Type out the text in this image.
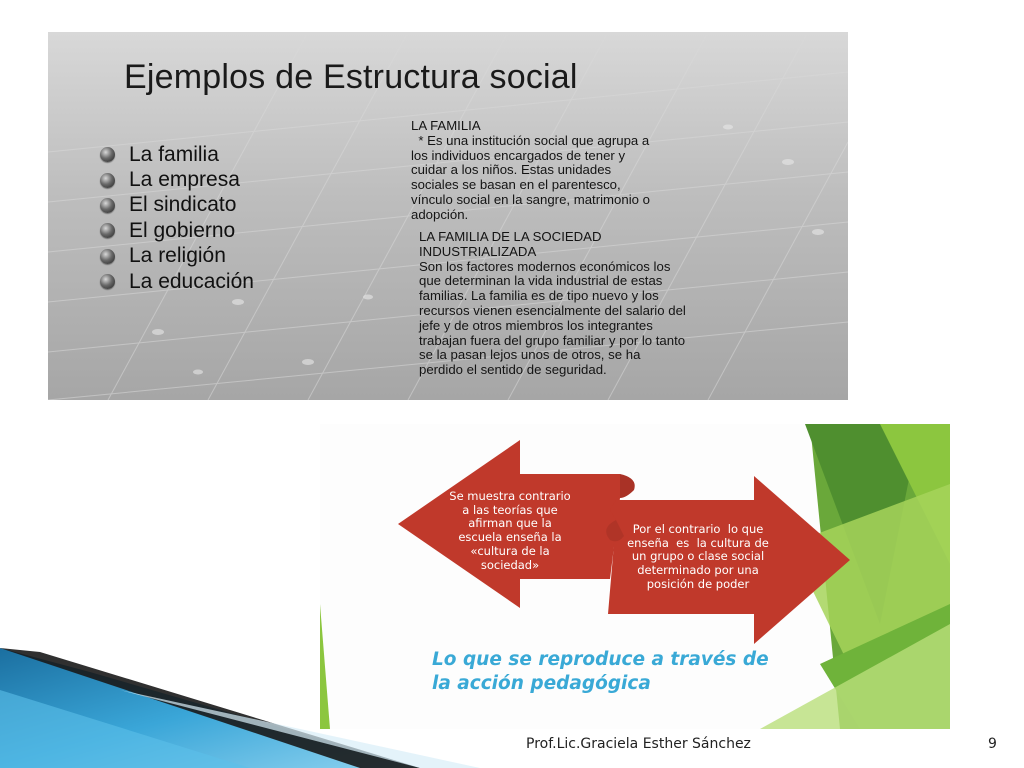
Ejemplos de Estructura social
La familia
La empresa
El sindicato
El gobierno
La religión
La educación
LA FAMILIA
* Es una institución social que agrupa a
los individuos encargados de tener y
cuidar a los niños. Estas unidades
sociales se basan en el parentesco,
vínculo social en la sangre, matrimonio o
adopción.
LA FAMILIA DE LA SOCIEDAD
INDUSTRIALIZADA
Son los factores modernos económicos los
que determinan la vida industrial de estas
familias. La familia es de tipo nuevo y los
recursos vienen esencialmente del salario del
jefe y de otros miembros los integrantes
trabajan fuera del grupo familiar y por lo tanto
se la pasan lejos unos de otros, se ha
perdido el sentido de seguridad.
Se muestra contrario
a las teorías que
afirman que la
escuela enseña la
«cultura de la
sociedad»
Por el contrario  lo que
enseña  es  la cultura de
un grupo o clase social
determinado por una
posición de poder
Lo que se reproduce a través de
la acción pedagógica
Prof.Lic.Graciela Esther Sánchez	9
